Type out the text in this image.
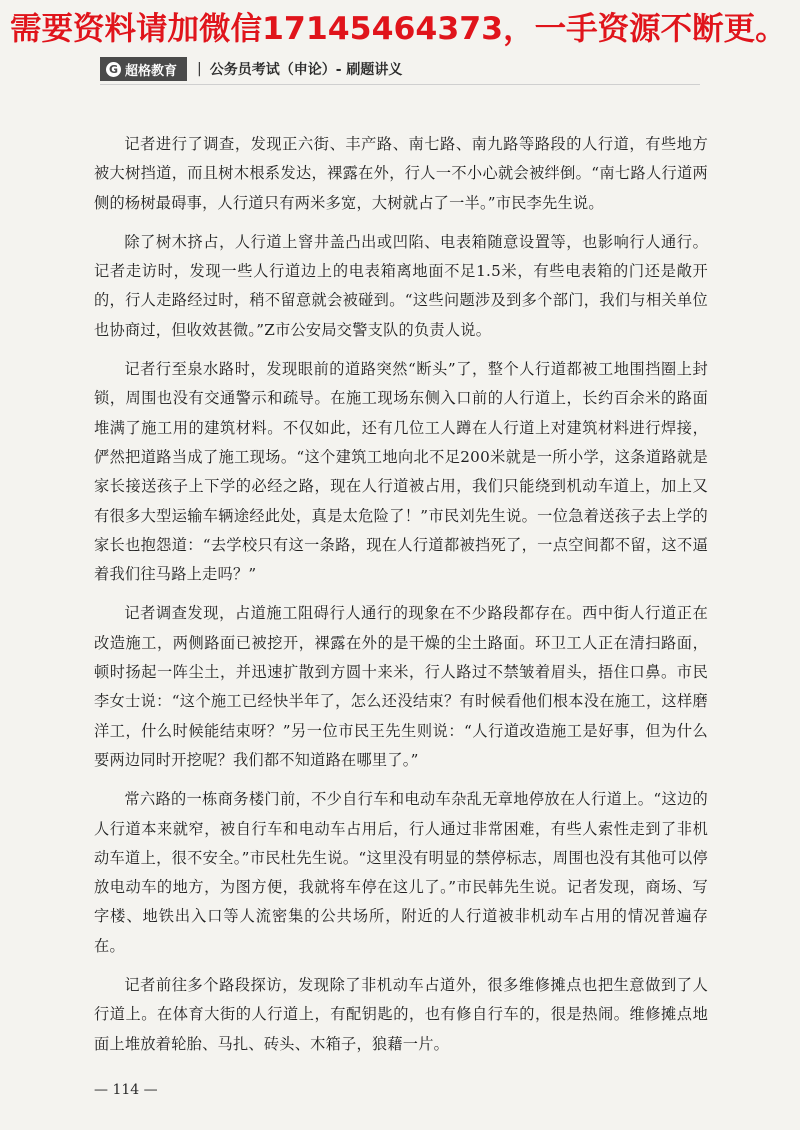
需要资料请加微信17145464373，一手资源不断更。
G 超格教育 | 公务员考试（申论）- 刷题讲义

记者进行了调查，发现正六街、丰产路、南七路、南九路等路段的人行道，有些地方被大树挡道，而且树木根系发达，裸露在外，行人一不小心就会被绊倒。“南七路人行道两侧的杨树最碍事，人行道只有两米多宽，大树就占了一半。”市民李先生说。

除了树木挤占，人行道上窨井盖凸出或凹陷、电表箱随意设置等，也影响行人通行。记者走访时，发现一些人行道边上的电表箱离地面不足1.5米，有些电表箱的门还是敞开的，行人走路经过时，稍不留意就会被碰到。“这些问题涉及到多个部门，我们与相关单位也协商过，但收效甚微。”Z市公安局交警支队的负责人说。

记者行至泉水路时，发现眼前的道路突然“断头”了，整个人行道都被工地围挡圈上封锁，周围也没有交通警示和疏导。在施工现场东侧入口前的人行道上，长约百余米的路面堆满了施工用的建筑材料。不仅如此，还有几位工人蹲在人行道上对建筑材料进行焊接，俨然把道路当成了施工现场。“这个建筑工地向北不足200米就是一所小学，这条道路就是家长接送孩子上下学的必经之路，现在人行道被占用，我们只能绕到机动车道上，加上又有很多大型运输车辆途经此处，真是太危险了！”市民刘先生说。一位急着送孩子去上学的家长也抱怨道：“去学校只有这一条路，现在人行道都被挡死了，一点空间都不留，这不逼着我们往马路上走吗？”

记者调查发现，占道施工阻碍行人通行的现象在不少路段都存在。西中街人行道正在改造施工，两侧路面已被挖开，裸露在外的是干燥的尘土路面。环卫工人正在清扫路面，顿时扬起一阵尘土，并迅速扩散到方圆十来米，行人路过不禁皱着眉头，捂住口鼻。市民李女士说：“这个施工已经快半年了，怎么还没结束？有时候看他们根本没在施工，这样磨洋工，什么时候能结束呀？”另一位市民王先生则说：“人行道改造施工是好事，但为什么要两边同时开挖呢？我们都不知道路在哪里了。”

常六路的一栋商务楼门前，不少自行车和电动车杂乱无章地停放在人行道上。“这边的人行道本来就窄，被自行车和电动车占用后，行人通过非常困难，有些人索性走到了非机动车道上，很不安全。”市民杜先生说。“这里没有明显的禁停标志，周围也没有其他可以停放电动车的地方，为图方便，我就将车停在这儿了。”市民韩先生说。记者发现，商场、写字楼、地铁出入口等人流密集的公共场所，附近的人行道被非机动车占用的情况普遍存在。

记者前往多个路段探访，发现除了非机动车占道外，很多维修摊点也把生意做到了人行道上。在体育大街的人行道上，有配钥匙的，也有修自行车的，很是热闹。维修摊点地面上堆放着轮胎、马扎、砖头、木箱子，狼藉一片。

— 114 —
